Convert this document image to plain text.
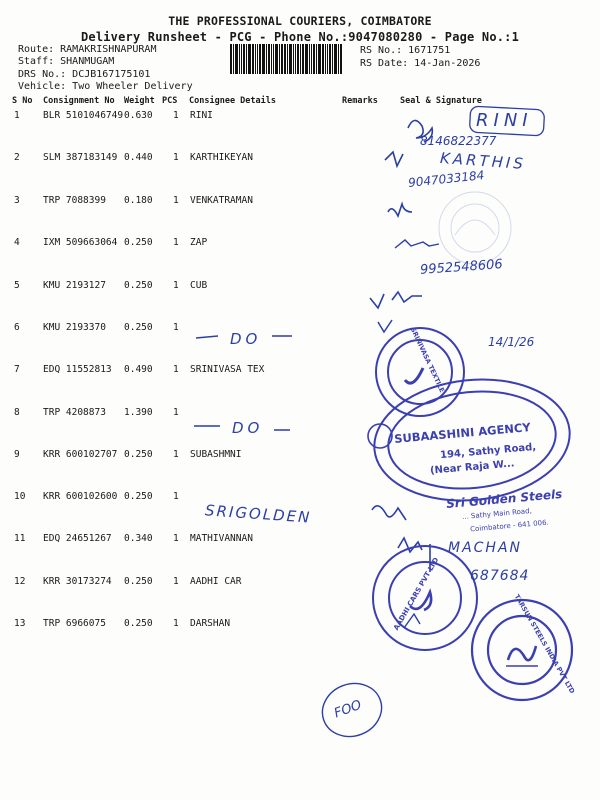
THE PROFESSIONAL COURIERS, COIMBATORE
Delivery Runsheet - PCG - Phone No.:9047080280 - Page No.:1
Route: RAMAKRISHNAPURAM
Staff: SHANMUGAM
DRS No.: DCJB167175101
Vehicle: Two Wheeler Delivery
RS No.: 1671751
RS Date: 14-Jan-2026
S No Consignment No Weight PCS Consignee Details	Remarks	Seal & Signature
1 BLR 5101046749 0.630 1 RINI
2 SLM 387183149 0.440 1 KARTHIKEYAN
3 TRP 7088399 0.180 1 VENKATRAMAN
4 IXM 509663064 0.250 1 ZAP
5 KMU 2193127 0.250 1 CUB
6 KMU 2193370 0.250 1
7 EDQ 11552813 0.490 1 SRINIVASA TEX
8 TRP 4208873 1.390 1
9 KRR 600102707 0.250 1 SUBASHMNI
10 KRR 600102600 0.250 1
11 EDQ 24651267 0.340 1 MATHIVANNAN
12 KRR 30173274 0.250 1 AADHI CAR
13 TRP 6966075 0.250 1 DARSHAN
RINI
8146822377
KARTHIS
9047033184
9952548606
DO	14/1/26
DO
SRIGOLDEN
MACHAN
687684
FOO
SUBAASHINI AGENCY
194, Sathy Road,
(Near Raja W...
Sri Golden Steels
... Sathy Main Road,
Coimbatore - 641 006.
AADHI CARS PVT LTD	TARSUN STEELS INDIA PVT LTD
SRINIVASA TEXTILE
